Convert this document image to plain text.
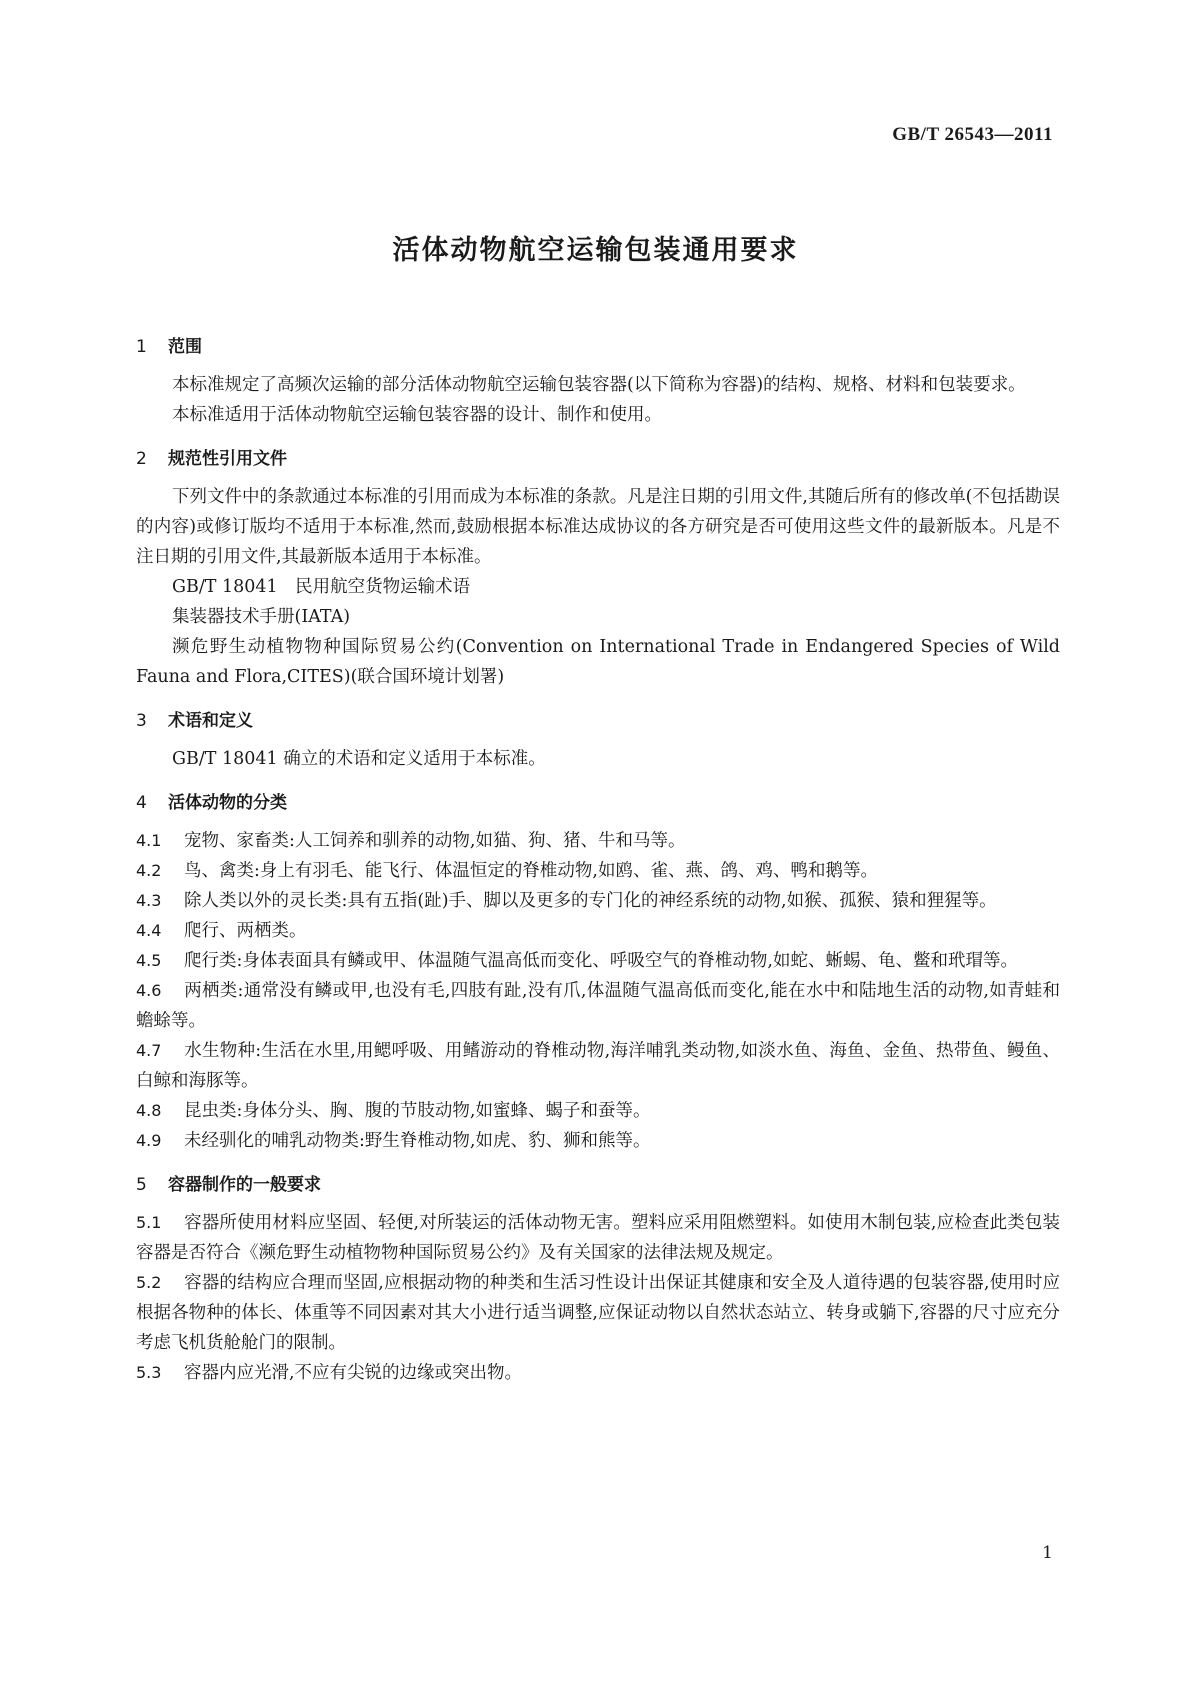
GB/T 26543—2011
活体动物航空运输包装通用要求
1 范围

本标准规定了高频次运输的部分活体动物航空运输包装容器(以下简称为容器)的结构、规格、材料和包装要求。

本标准适用于活体动物航空运输包装容器的设计、制作和使用。

2 规范性引用文件

下列文件中的条款通过本标准的引用而成为本标准的条款。凡是注日期的引用文件,其随后所有的修改单(不包括勘误的内容)或修订版均不适用于本标准,然而,鼓励根据本标准达成协议的各方研究是否可使用这些文件的最新版本。凡是不注日期的引用文件,其最新版本适用于本标准。

GB/T 18041　民用航空货物运输术语

集装器技术手册(IATA)

濒危野生动植物物种国际贸易公约(Convention on International Trade in Endangered Species of Wild Fauna and Flora,CITES)(联合国环境计划署)

3 术语和定义

GB/T 18041 确立的术语和定义适用于本标准。

4 活体动物的分类

4.1 宠物、家畜类:人工饲养和驯养的动物,如猫、狗、猪、牛和马等。

4.2 鸟、禽类:身上有羽毛、能飞行、体温恒定的脊椎动物,如鸥、雀、燕、鸽、鸡、鸭和鹅等。

4.3 除人类以外的灵长类:具有五指(趾)手、脚以及更多的专门化的神经系统的动物,如猴、孤猴、猿和狸猩等。

4.4 爬行、两栖类。

4.5 爬行类:身体表面具有鳞或甲、体温随气温高低而变化、呼吸空气的脊椎动物,如蛇、蜥蜴、龟、鳖和玳瑁等。

4.6 两栖类:通常没有鳞或甲,也没有毛,四肢有趾,没有爪,体温随气温高低而变化,能在水中和陆地生活的动物,如青蛙和蟾蜍等。

4.7 水生物种:生活在水里,用鳃呼吸、用鳍游动的脊椎动物,海洋哺乳类动物,如淡水鱼、海鱼、金鱼、热带鱼、鳗鱼、白鲸和海豚等。

4.8 昆虫类:身体分头、胸、腹的节肢动物,如蜜蜂、蝎子和蚕等。

4.9 未经驯化的哺乳动物类:野生脊椎动物,如虎、豹、狮和熊等。

5 容器制作的一般要求

5.1 容器所使用材料应坚固、轻便,对所装运的活体动物无害。塑料应采用阻燃塑料。如使用木制包装,应检查此类包装容器是否符合《濒危野生动植物物种国际贸易公约》及有关国家的法律法规及规定。

5.2 容器的结构应合理而坚固,应根据动物的种类和生活习性设计出保证其健康和安全及人道待遇的包装容器,使用时应根据各物种的体长、体重等不同因素对其大小进行适当调整,应保证动物以自然状态站立、转身或躺下,容器的尺寸应充分考虑飞机货舱舱门的限制。

5.3 容器内应光滑,不应有尖锐的边缘或突出物。

1
